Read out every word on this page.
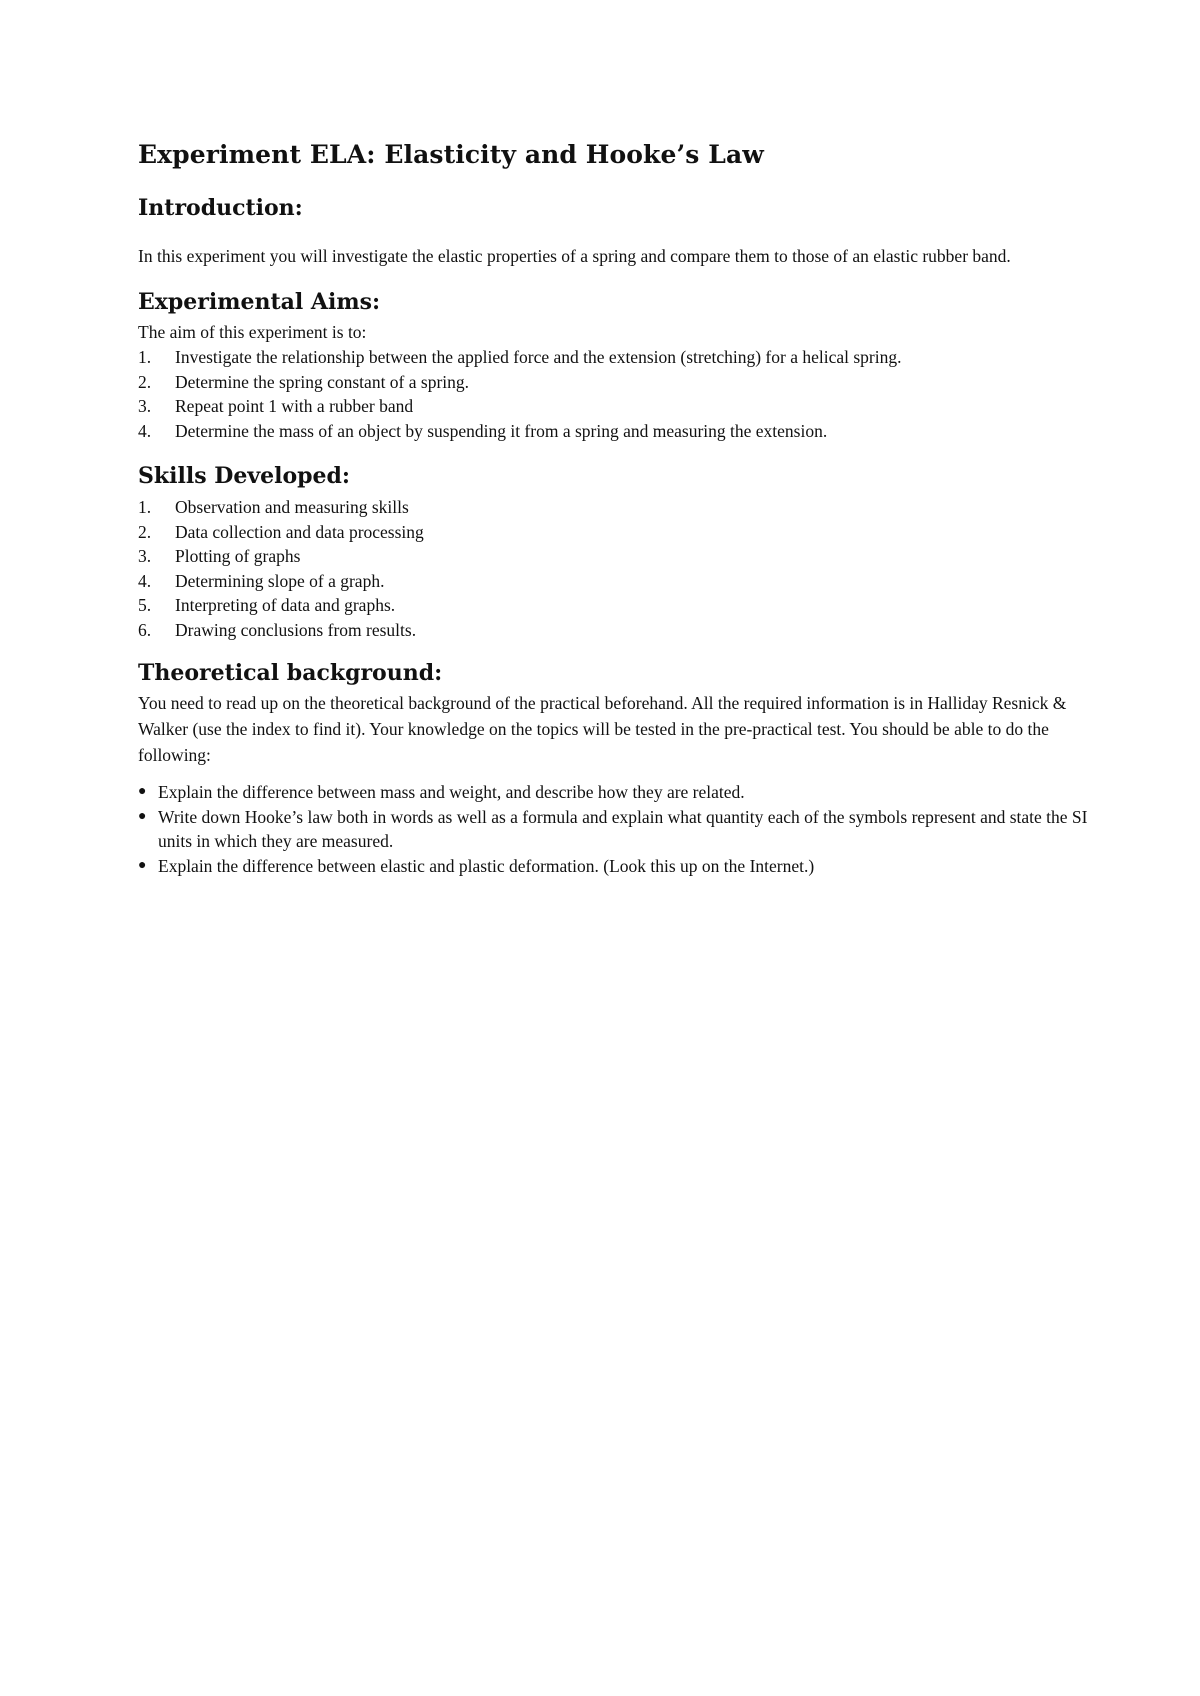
Experiment ELA: Elasticity and Hooke’s Law
Introduction:

In this experiment you will investigate the elastic properties of a spring and compare them to those of an elastic rubber band.

Experimental Aims:

The aim of this experiment is to:

1.	Investigate the relationship between the applied force and the extension (stretching) for a helical spring.
2.	Determine the spring constant of a spring.
3.	Repeat point 1 with a rubber band
4.	Determine the mass of an object by suspending it from a spring and measuring the extension.
Skills Developed:
1.	Observation and measuring skills
2.	Data collection and data processing
3.	Plotting of graphs
4.	Determining slope of a graph.
5.	Interpreting of data and graphs.
6.	Drawing conclusions from results.
Theoretical background:

You need to read up on the theoretical background of the practical beforehand. All the required information is in Halliday Resnick & Walker (use the index to find it). Your knowledge on the topics will be tested in the pre-practical test. You should be able to do the following:

● Explain the difference between mass and weight, and describe how they are related.
● Write down Hooke’s law both in words as well as a formula and explain what quantity each of the symbols represent and state the SI units in which they are measured.
● Explain the difference between elastic and plastic deformation. (Look this up on the Internet.)
